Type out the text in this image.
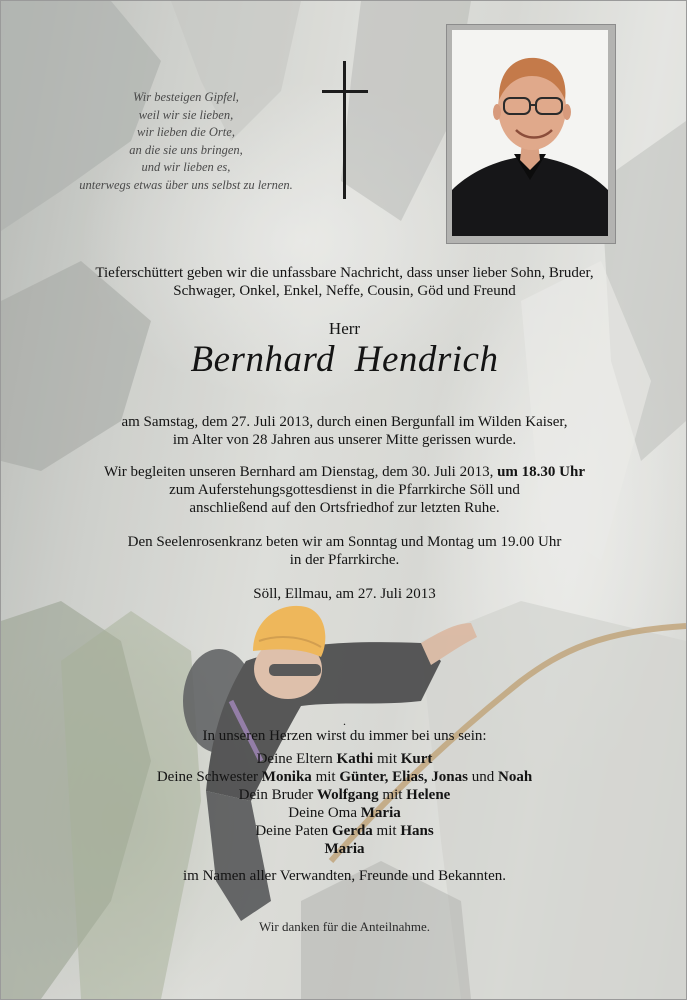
Wir besteigen Gipfel,
weil wir sie lieben,
wir lieben die Orte,
an die sie uns bringen,
und wir lieben es,
unterwegs etwas über uns selbst zu lernen.

Tieferschüttert geben wir die unfassbare Nachricht, dass unser lieber Sohn, Bruder,

Schwager, Onkel, Enkel, Neffe, Cousin, Göd und Freund

Herr
Bernhard Hendrich

am Samstag, dem 27. Juli 2013, durch einen Bergunfall im Wilden Kaiser,

im Alter von 28 Jahren aus unserer Mitte gerissen wurde.

Wir begleiten unseren Bernhard am Dienstag, dem 30. Juli 2013, um 18.30 Uhr

zum Auferstehungsgottesdienst in die Pfarrkirche Söll und

anschließend auf den Ortsfriedhof zur letzten Ruhe.

Den Seelenrosenkranz beten wir am Sonntag und Montag um 19.00 Uhr

in der Pfarrkirche.

Söll, Ellmau, am 27. Juli 2013

.

In unseren Herzen wirst du immer bei uns sein:

Deine Eltern Kathi mit Kurt

Deine Schwester Monika mit Günter, Elias, Jonas und Noah

Dein Bruder Wolfgang mit Helene

Deine Oma Maria

Deine Paten Gerda mit Hans

Maria

im Namen aller Verwandten, Freunde und Bekannten.

Wir danken für die Anteilnahme.
